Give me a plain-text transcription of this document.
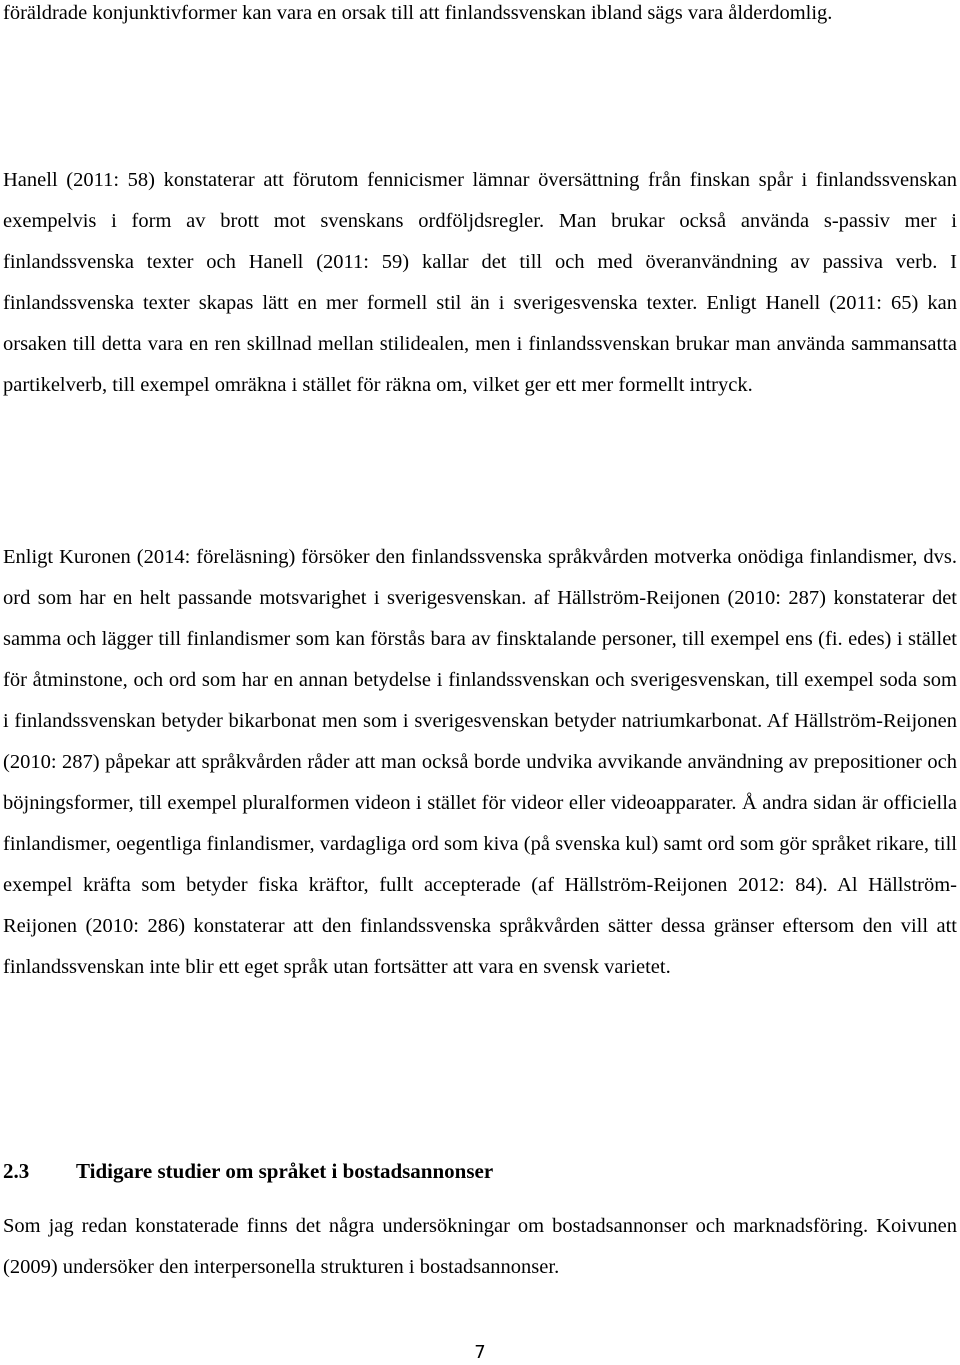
föräldrade konjunktivformer kan vara en orsak till att finlandssvenskan ibland sägs vara ålderdomlig.

Hanell (2011: 58) konstaterar att förutom fennicismer lämnar översättning från finskan spår i finlandssvenskan exempelvis i form av brott mot svenskans ordföljdsregler. Man brukar också använda s-passiv mer i finlandssvenska texter och Hanell (2011: 59) kallar det till och med överanvändning av passiva verb. I finlandssvenska texter skapas lätt en mer formell stil än i sverigesvenska texter. Enligt Hanell (2011: 65) kan orsaken till detta vara en ren skillnad mellan stilidealen, men i finlandssvenskan brukar man använda sammansatta partikelverb, till exempel omräkna i stället för räkna om, vilket ger ett mer formellt intryck.

Enligt Kuronen (2014: föreläsning) försöker den finlandssvenska språkvården motverka onödiga finlandismer, dvs. ord som har en helt passande motsvarighet i sverigesvenskan. af Hällström-Reijonen (2010: 287) konstaterar det samma och lägger till finlandismer som kan förstås bara av finsktalande personer, till exempel ens (fi. edes) i stället för åtminstone, och ord som har en annan betydelse i finlandssvenskan och sverigesvenskan, till exempel soda som i finlandssvenskan betyder bikarbonat men som i sverigesvenskan betyder natriumkarbonat. Af Hällström-Reijonen (2010: 287) påpekar att språkvården råder att man också borde undvika avvikande användning av prepositioner och böjningsformer, till exempel pluralformen videon i stället för videor eller videoapparater. Å andra sidan är officiella finlandismer, oegentliga finlandismer, vardagliga ord som kiva (på svenska kul) samt ord som gör språket rikare, till exempel kräfta som betyder fiska kräftor, fullt accepterade (af Hällström-Reijonen 2012: 84). Al Hällström-Reijonen (2010: 286) konstaterar att den finlandssvenska språkvården sätter dessa gränser eftersom den vill att finlandssvenskan inte blir ett eget språk utan fortsätter att vara en svensk varietet.

2.3 Tidigare studier om språket i bostadsannonser

Som jag redan konstaterade finns det några undersökningar om bostadsannonser och marknadsföring. Koivunen (2009) undersöker den interpersonella strukturen i bostadsannonser.

7
